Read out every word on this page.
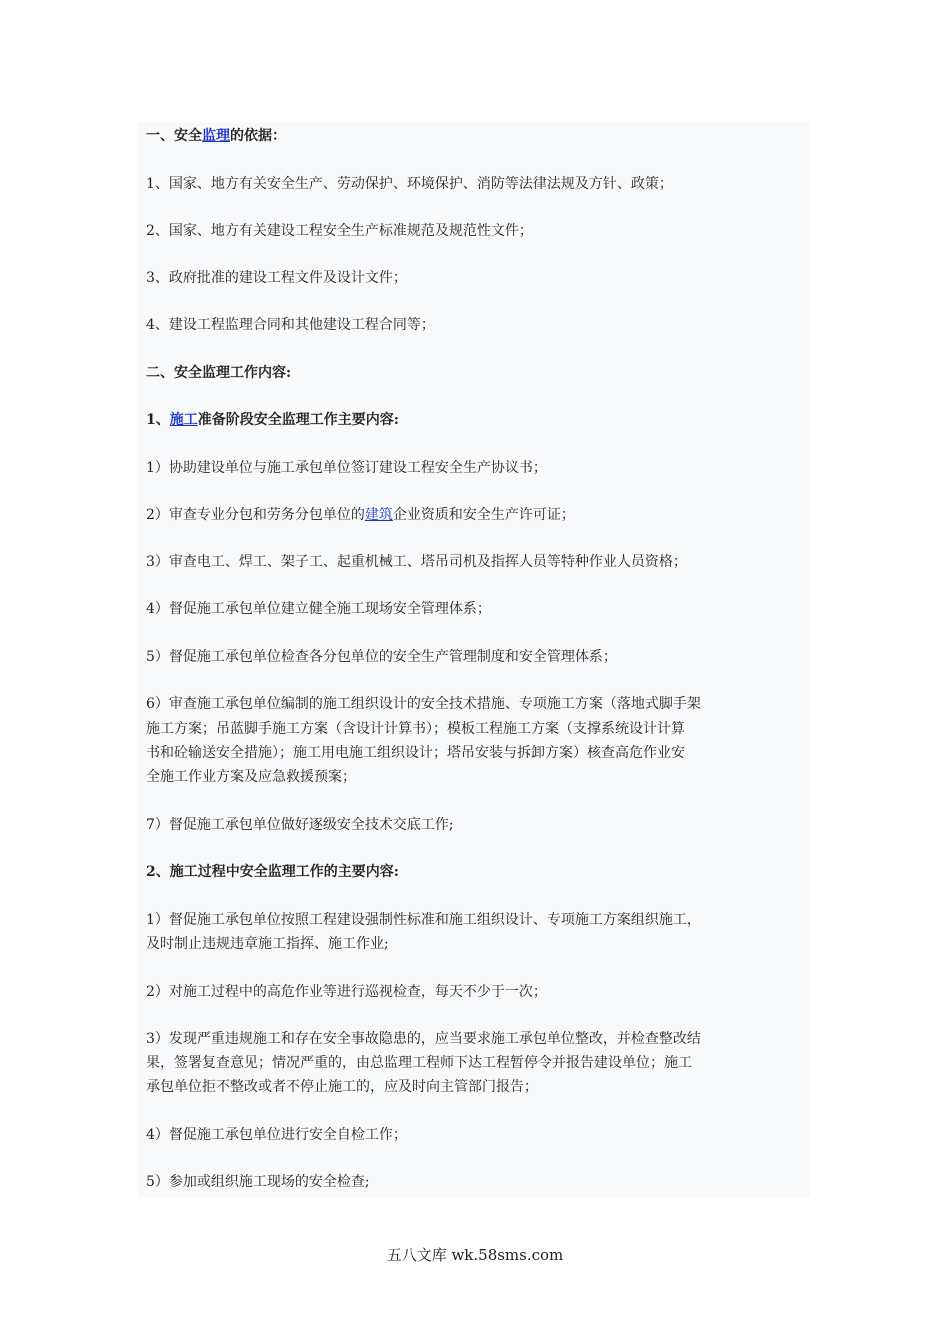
一、安全监理的依据：
1、国家、地方有关安全生产、劳动保护、环境保护、消防等法律法规及方针、政策；
2、国家、地方有关建设工程安全生产标准规范及规范性文件；
3、政府批准的建设工程文件及设计文件；
4、建设工程监理合同和其他建设工程合同等；
二、安全监理工作内容:
1、施工准备阶段安全监理工作主要内容:
1）协助建设单位与施工承包单位签订建设工程安全生产协议书；
2）审查专业分包和劳务分包单位的建筑企业资质和安全生产许可证；
3）审查电工、焊工、架子工、起重机械工、塔吊司机及指挥人员等特种作业人员资格；
4）督促施工承包单位建立健全施工现场安全管理体系；
5）督促施工承包单位检查各分包单位的安全生产管理制度和安全管理体系；
6）审查施工承包单位编制的施工组织设计的安全技术措施、专项施工方案（落地式脚手架
施工方案；吊蓝脚手施工方案（含设计计算书）；模板工程施工方案（支撑系统设计计算
书和砼输送安全措施）；施工用电施工组织设计；塔吊安装与拆卸方案）核查高危作业安
全施工作业方案及应急救援预案；
7）督促施工承包单位做好逐级安全技术交底工作;
2、施工过程中安全监理工作的主要内容:
1）督促施工承包单位按照工程建设强制性标准和施工组织设计、专项施工方案组织施工，
及时制止违规违章施工指挥、施工作业;
2）对施工过程中的高危作业等进行巡视检查，每天不少于一次；
3）发现严重违规施工和存在安全事故隐患的，应当要求施工承包单位整改，并检查整改结
果，签署复查意见；情况严重的，由总监理工程师下达工程暂停令并报告建设单位；施工
承包单位拒不整改或者不停止施工的，应及时向主管部门报告；
4）督促施工承包单位进行安全自检工作；
5）参加或组织施工现场的安全检查;
五八文库 wk.58sms.com
